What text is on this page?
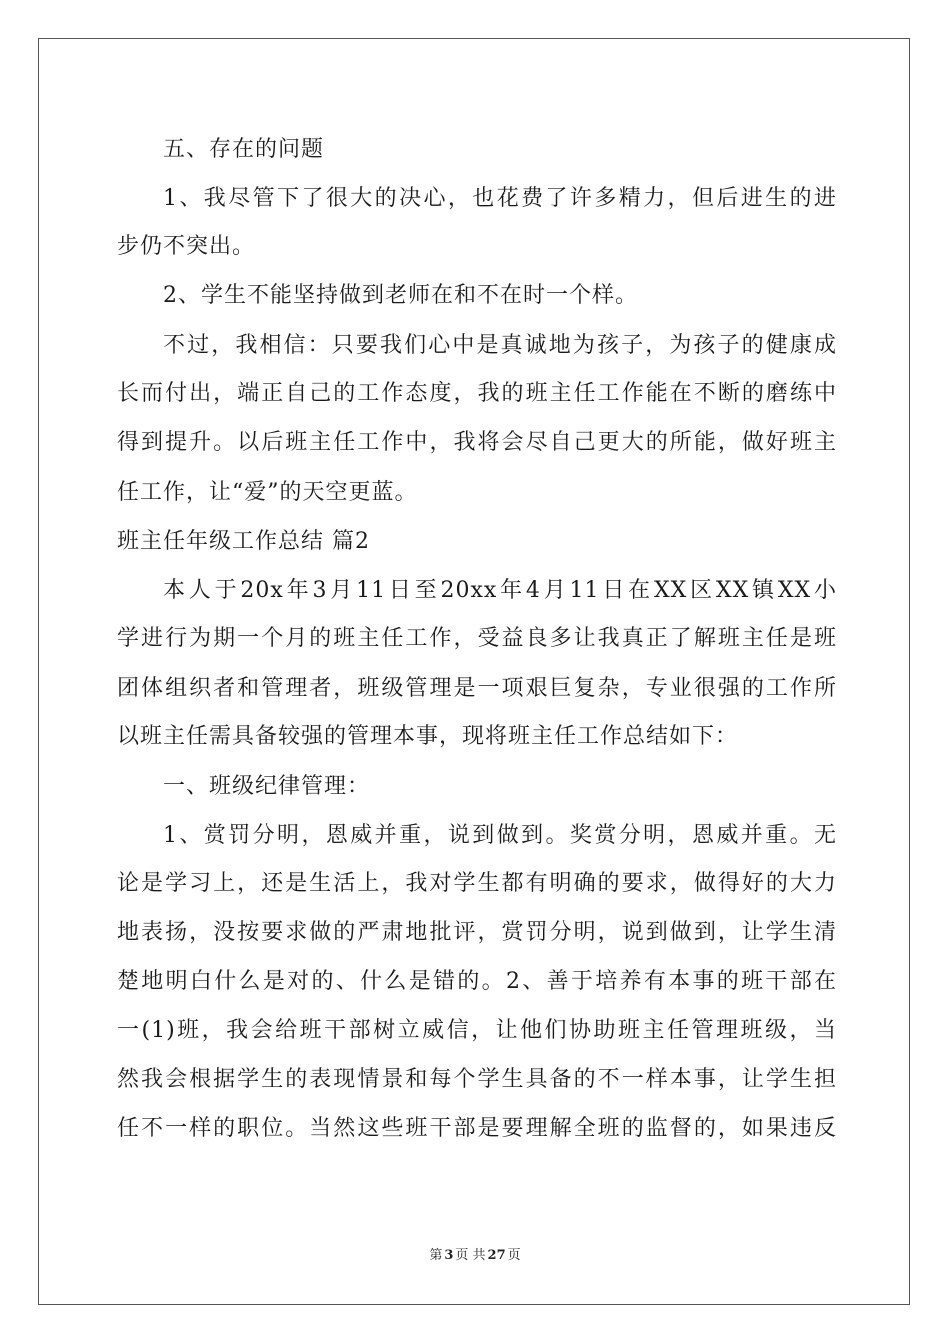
五、存在的问题
1、我尽管下了很大的决心，也花费了许多精力，但后进生的进
步仍不突出。
2、学生不能坚持做到老师在和不在时一个样。
不过，我相信：只要我们心中是真诚地为孩子，为孩子的健康成
长而付出，端正自己的工作态度，我的班主任工作能在不断的磨练中
得到提升。以后班主任工作中，我将会尽自己更大的所能，做好班主
任工作，让“爱”的天空更蓝。
班主任年级工作总结 篇2
本人于20x年3月11日至20xx年4月11日在XX区XX镇XX小
学进行为期一个月的班主任工作，受益良多让我真正了解班主任是班
团体组织者和管理者，班级管理是一项艰巨复杂，专业很强的工作所
以班主任需具备较强的管理本事，现将班主任工作总结如下：
一、班级纪律管理：
1、赏罚分明，恩威并重，说到做到。奖赏分明，恩威并重。无
论是学习上，还是生活上，我对学生都有明确的要求，做得好的大力
地表扬，没按要求做的严肃地批评，赏罚分明，说到做到，让学生清
楚地明白什么是对的、什么是错的。2、善于培养有本事的班干部在
一(1)班，我会给班干部树立威信，让他们协助班主任管理班级，当
然我会根据学生的表现情景和每个学生具备的不一样本事，让学生担
任不一样的职位。当然这些班干部是要理解全班的监督的，如果违反
第 3 页 共 27 页
